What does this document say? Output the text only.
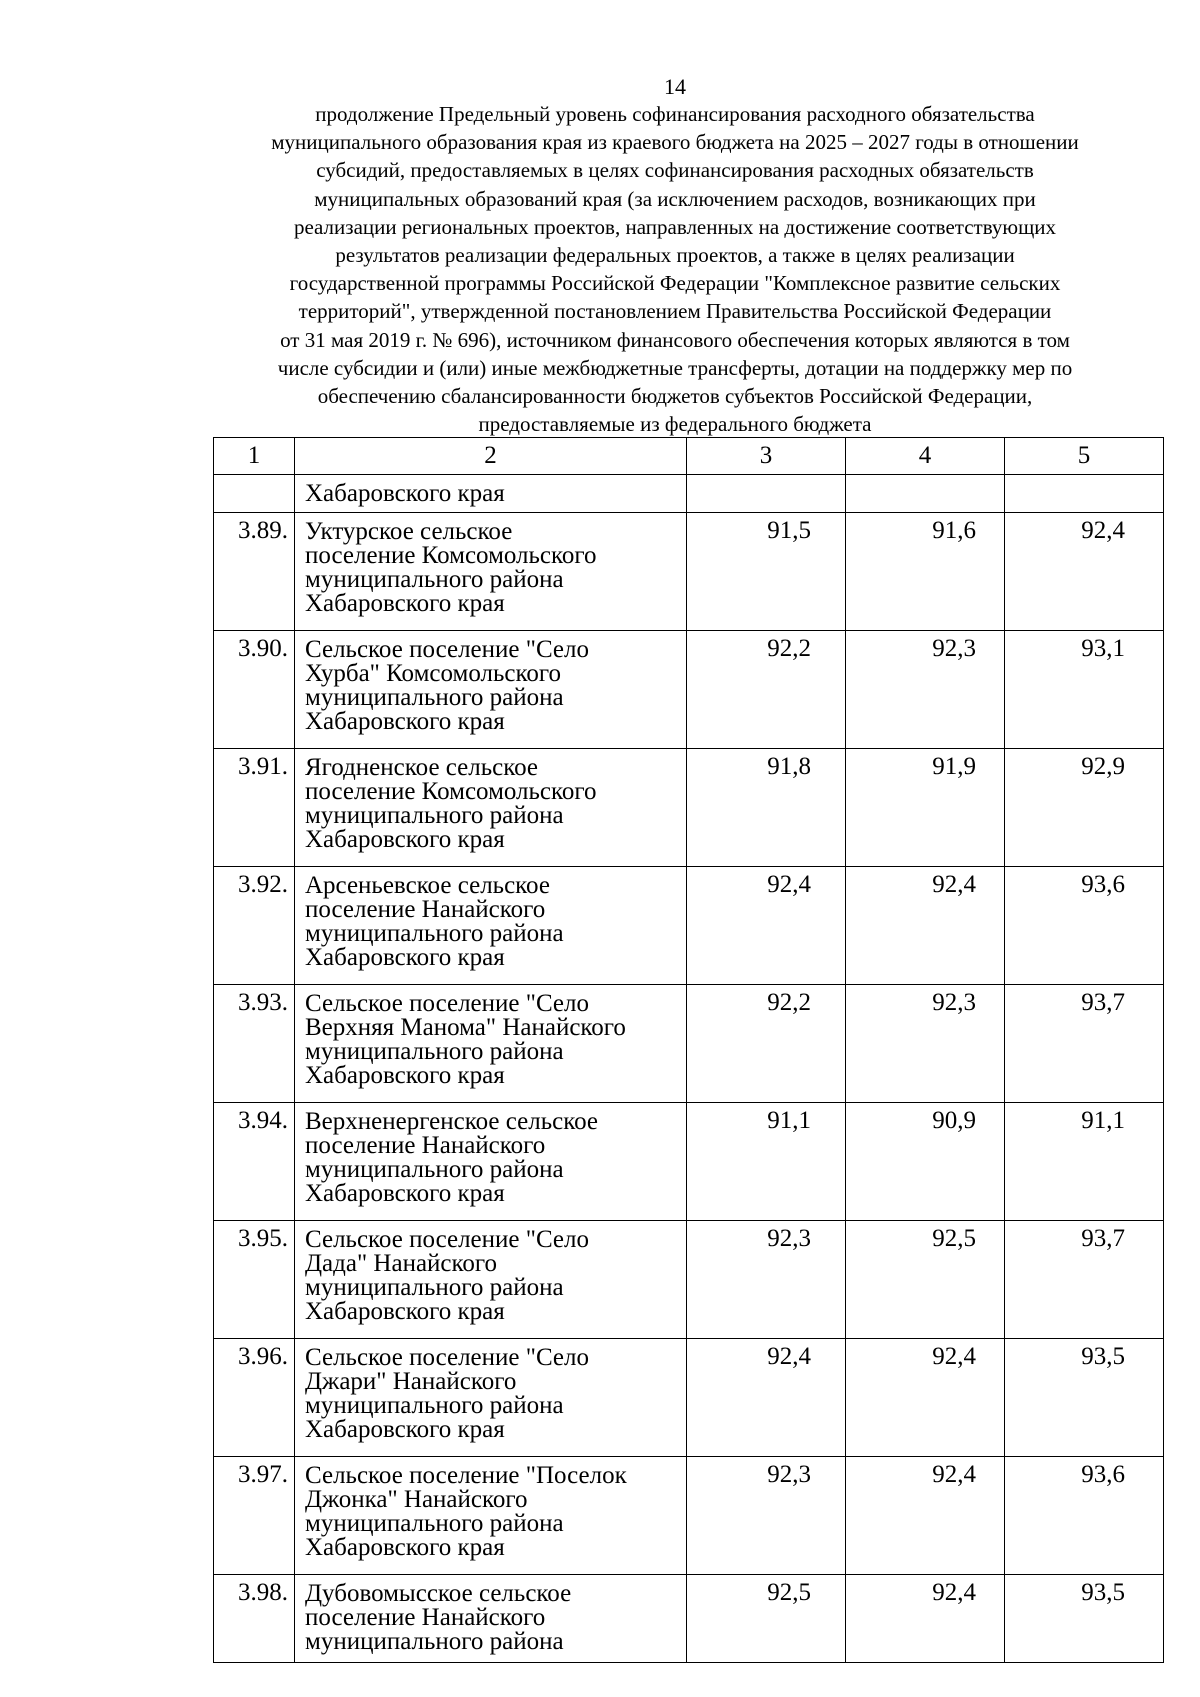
14
продолжение Предельный уровень софинансирования расходного обязательства
муниципального образования края из краевого бюджета на 2025 – 2027 годы в отношении
субсидий, предоставляемых в целях софинансирования расходных обязательств
муниципальных образований края (за исключением расходов, возникающих при
реализации региональных проектов, направленных на достижение соответствующих
результатов реализации федеральных проектов, а также в целях реализации
государственной программы Российской Федерации "Комплексное развитие сельских
территорий", утвержденной постановлением Правительства Российской Федерации
от 31 мая 2019 г. № 696), источником финансового обеспечения которых являются в том
числе субсидии и (или) иные межбюджетные трансферты, дотации на поддержку мер по
обеспечению сбалансированности бюджетов субъектов Российской Федерации,
предоставляемые из федерального бюджета
1	2	3	4	5

	Хабаровского края			

3.89.	Уктурское сельское
поселение Комсомольского
муниципального района
Хабаровского края	91,5	91,6	92,4
3.90.	Сельское поселение "Село
Хурба" Комсомольского
муниципального района
Хабаровского края	92,2	92,3	93,1
3.91.	Ягодненское сельское
поселение Комсомольского
муниципального района
Хабаровского края	91,8	91,9	92,9
3.92.	Арсеньевское сельское
поселение Нанайского
муниципального района
Хабаровского края	92,4	92,4	93,6
3.93.	Сельское поселение "Село
Верхняя Манома" Нанайского
муниципального района
Хабаровского края	92,2	92,3	93,7
3.94.	Верхненергенское сельское
поселение Нанайского
муниципального района
Хабаровского края	91,1	90,9	91,1
3.95.	Сельское поселение "Село
Дада" Нанайского
муниципального района
Хабаровского края	92,3	92,5	93,7
3.96.	Сельское поселение "Село
Джари" Нанайского
муниципального района
Хабаровского края	92,4	92,4	93,5
3.97.	Сельское поселение "Поселок
Джонка" Нанайского
муниципального района
Хабаровского края	92,3	92,4	93,6
3.98.	Дубовомысское сельское
поселение Нанайского
муниципального района	92,5	92,4	93,5
